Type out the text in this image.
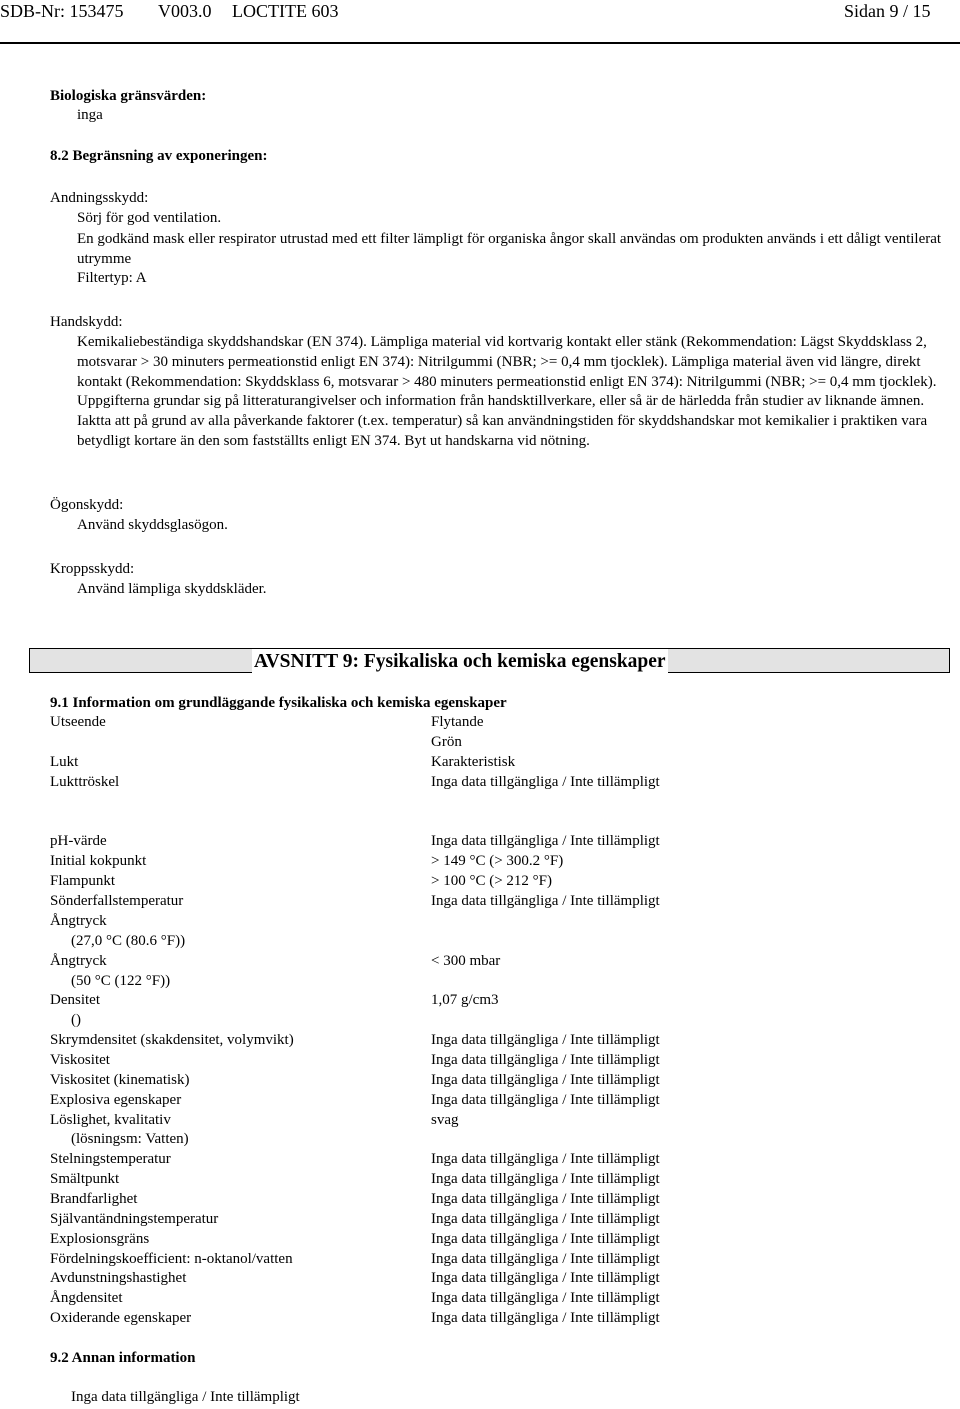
SDB-Nr: 153475 V003.0 LOCTITE 603	Sidan 9 / 15
Biologiska gränsvärden:
inga
8.2 Begränsning av exponeringen:
Andningsskydd:
Sörj för god ventilation.
En godkänd mask eller respirator utrustad med ett filter lämpligt för organiska ångor skall användas om produkten används i ett dåligt ventilerat utrymme
Filtertyp: A
Handskydd:
Kemikaliebeständiga skyddshandskar (EN 374). Lämpliga material vid kortvarig kontakt eller stänk (Rekommendation: Lägst Skyddsklass 2, motsvarar > 30 minuters permeationstid enligt EN 374): Nitrilgummi (NBR; >= 0,4 mm tjocklek). Lämpliga material även vid längre, direkt kontakt (Rekommendation: Skyddsklass 6, motsvarar > 480 minuters permeationstid enligt EN 374): Nitrilgummi (NBR; >= 0,4 mm tjocklek). Uppgifterna grundar sig på litteraturangivelser och information från handsktillverkare, eller så är de härledda från studier av liknande ämnen. Iaktta att på grund av alla påverkande faktorer (t.ex. temperatur) så kan användningstiden för skyddshandskar mot kemikalier i praktiken vara betydligt kortare än den som fastställts enligt EN 374. Byt ut handskarna vid nötning.
Ögonskydd:
Använd skyddsglasögon.
Kroppsskydd:
Använd lämpliga skyddskläder.
AVSNITT 9: Fysikaliska och kemiska egenskaper
9.1 Information om grundläggande fysikaliska och kemiska egenskaper
Utseende	Flytande
Grön
Lukt	Karakteristisk
Lukttröskel	Inga data tillgängliga / Inte tillämpligt
pH-värde	Inga data tillgängliga / Inte tillämpligt
Initial kokpunkt	> 149 °C (> 300.2 °F)
Flampunkt	> 100 °C (> 212 °F)
Sönderfallstemperatur	Inga data tillgängliga / Inte tillämpligt
Ångtryck
(27,0 °C (80.6 °F))
Ångtryck	< 300 mbar
(50 °C (122 °F))
Densitet	1,07 g/cm3
()
Skrymdensitet (skakdensitet, volymvikt)	Inga data tillgängliga / Inte tillämpligt
Viskositet	Inga data tillgängliga / Inte tillämpligt
Viskositet (kinematisk)	Inga data tillgängliga / Inte tillämpligt
Explosiva egenskaper	Inga data tillgängliga / Inte tillämpligt
Löslighet, kvalitativ	svag
(lösningsm: Vatten)
Stelningstemperatur	Inga data tillgängliga / Inte tillämpligt
Smältpunkt	Inga data tillgängliga / Inte tillämpligt
Brandfarlighet	Inga data tillgängliga / Inte tillämpligt
Självantändningstemperatur	Inga data tillgängliga / Inte tillämpligt
Explosionsgräns	Inga data tillgängliga / Inte tillämpligt
Fördelningskoefficient: n-oktanol/vatten	Inga data tillgängliga / Inte tillämpligt
Avdunstningshastighet	Inga data tillgängliga / Inte tillämpligt
Ångdensitet	Inga data tillgängliga / Inte tillämpligt
Oxiderande egenskaper	Inga data tillgängliga / Inte tillämpligt
9.2 Annan information
Inga data tillgängliga / Inte tillämpligt
